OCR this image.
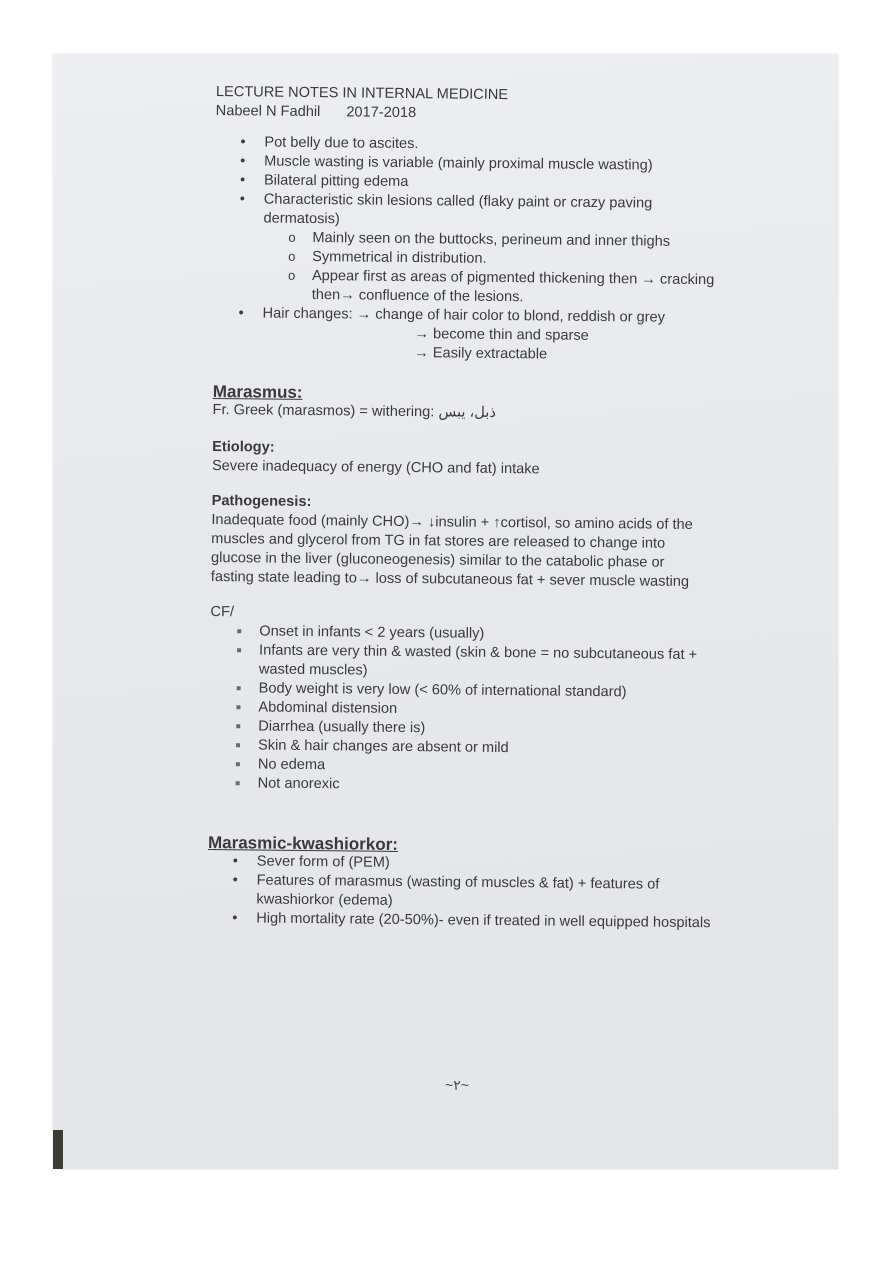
LECTURE NOTES IN INTERNAL MEDICINE

Nabeel N Fadhil 2017-2018

• Pot belly due to ascites.
• Muscle wasting is variable (mainly proximal muscle wasting)
• Bilateral pitting edema
• Characteristic skin lesions called (flaky paint or crazy paving dermatosis)
o Mainly seen on the buttocks, perineum and inner thighs
o Symmetrical in distribution.
o Appear first as areas of pigmented thickening then → cracking then→ confluence of the lesions.
• Hair changes: → change of hair color to blond, reddish or grey
→ become thin and sparse
→ Easily extractable

Marasmus:

Fr. Greek (marasmos) = withering: ذبل، يبس

Etiology:

Severe inadequacy of energy (CHO and fat) intake

Pathogenesis:

Inadequate food (mainly CHO)→ ↓insulin + ↑cortisol, so amino acids of the muscles and glycerol from TG in fat stores are released to change into glucose in the liver (gluconeogenesis) similar to the catabolic phase or fasting state leading to→ loss of subcutaneous fat + sever muscle wasting

CF/

Onset in infants < 2 years (usually)
Infants are very thin & wasted (skin & bone = no subcutaneous fat + wasted muscles)
Body weight is very low (< 60% of international standard)
Abdominal distension
Diarrhea (usually there is)
Skin & hair changes are absent or mild
No edema
Not anorexic

Marasmic-kwashiorkor:

• Sever form of (PEM)
• Features of marasmus (wasting of muscles & fat) + features of kwashiorkor (edema)
• High mortality rate (20-50%)- even if treated in well equipped hospitals
~٢~
